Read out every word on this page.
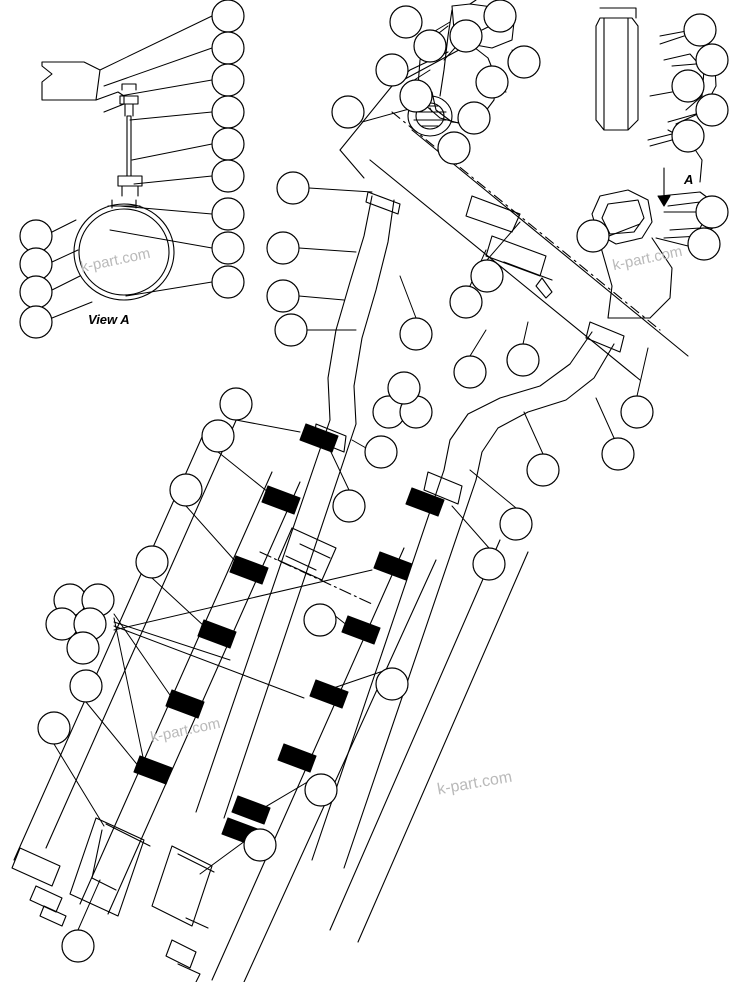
View A
A
k-part.com	k-part.com
k-part.com
k-part.com
